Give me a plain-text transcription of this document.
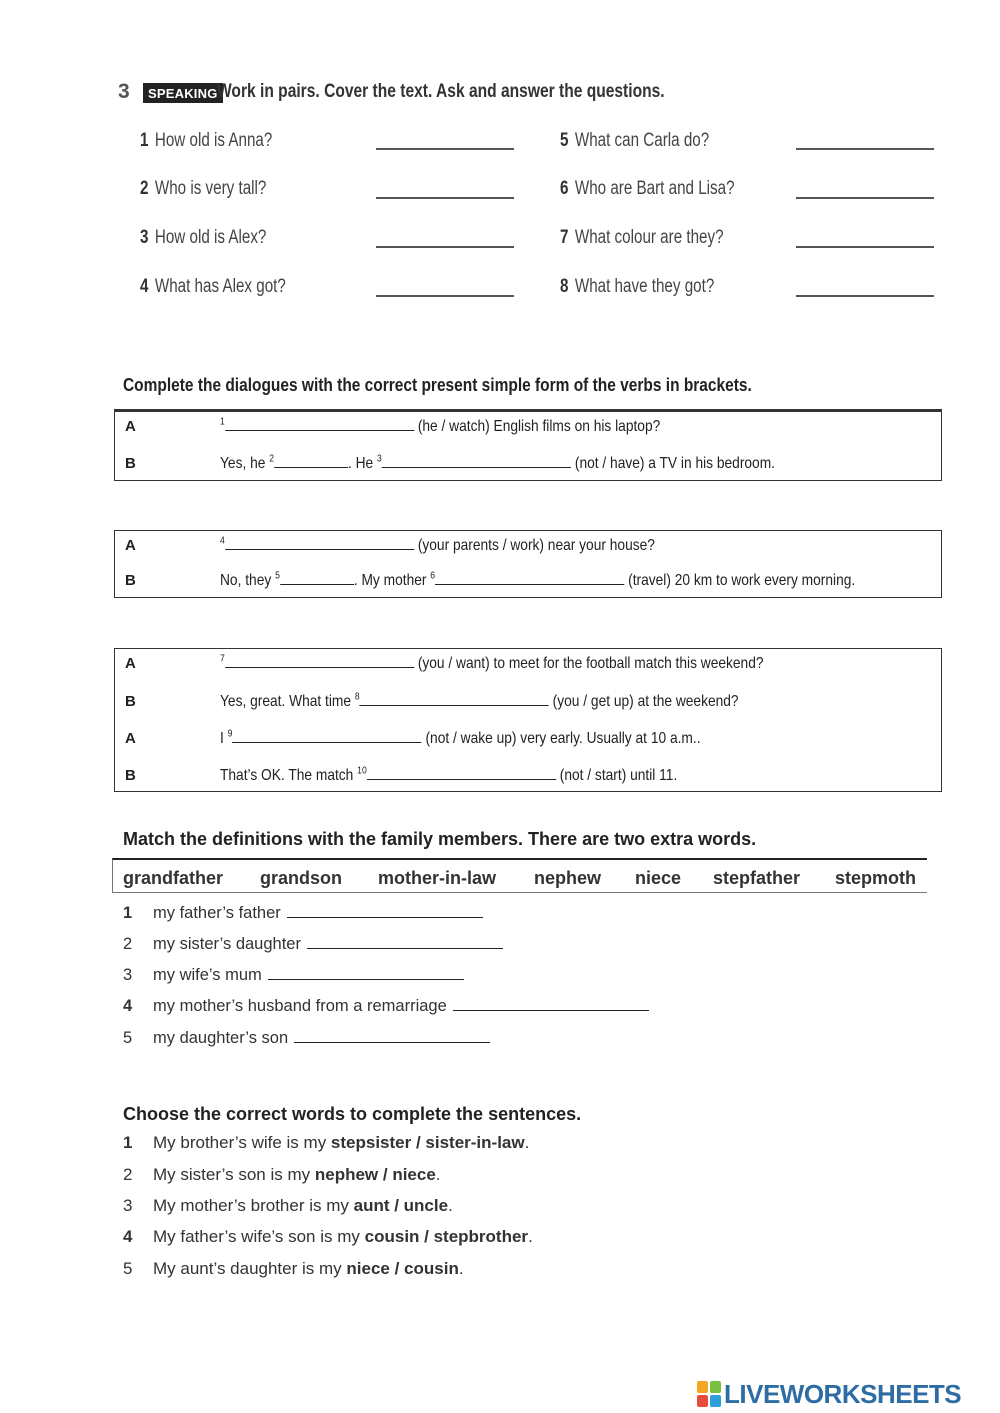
3	SPEAKING Work in pairs. Cover the text. Ask and answer the questions.
1 How old is Anna?
2 Who is very tall?
3 How old is Alex?
4 What has Alex got?
5 What can Carla do?
6 Who are Bart and Lisa?
7 What colour are they?
8 What have they got?
Complete the dialogues with the correct present simple form of the verbs in brackets.
A	$^1$	(he / watch) English films on his laptop?
B	Yes, he $^2$	. He $^3$	(not / have) a TV in his bedroom.
A	$^4$	(your parents / work) near your house?
B	No, they $^5$	. My mother $^6$	(travel) 20 km to work every morning.
A	$^7$	(you / want) to meet for the football match this weekend?
B	Yes, great. What time $^8$	(you / get up) at the weekend?
A	I $^9$	(not / wake up) very early. Usually at 10 a.m..
B	That’s OK. The match $^{10}$	(not / start) until 11.
Match the definitions with the family members. There are two extra words.
grandfather grandson mother-in-law nephew niece stepfather stepmoth
1 my father’s father
2 my sister’s daughter
3 my wife’s mum
4 my mother’s husband from a remarriage
5 my daughter’s son
Choose the correct words to complete the sentences.
1 My brother’s wife is my stepsister / sister-in-law.
2 My sister’s son is my nephew / niece.
3 My mother’s brother is my aunt / uncle.
4 My father’s wife’s son is my cousin / stepbrother.
5 My aunt’s daughter is my niece / cousin.
LIVEWORKSHEETS
